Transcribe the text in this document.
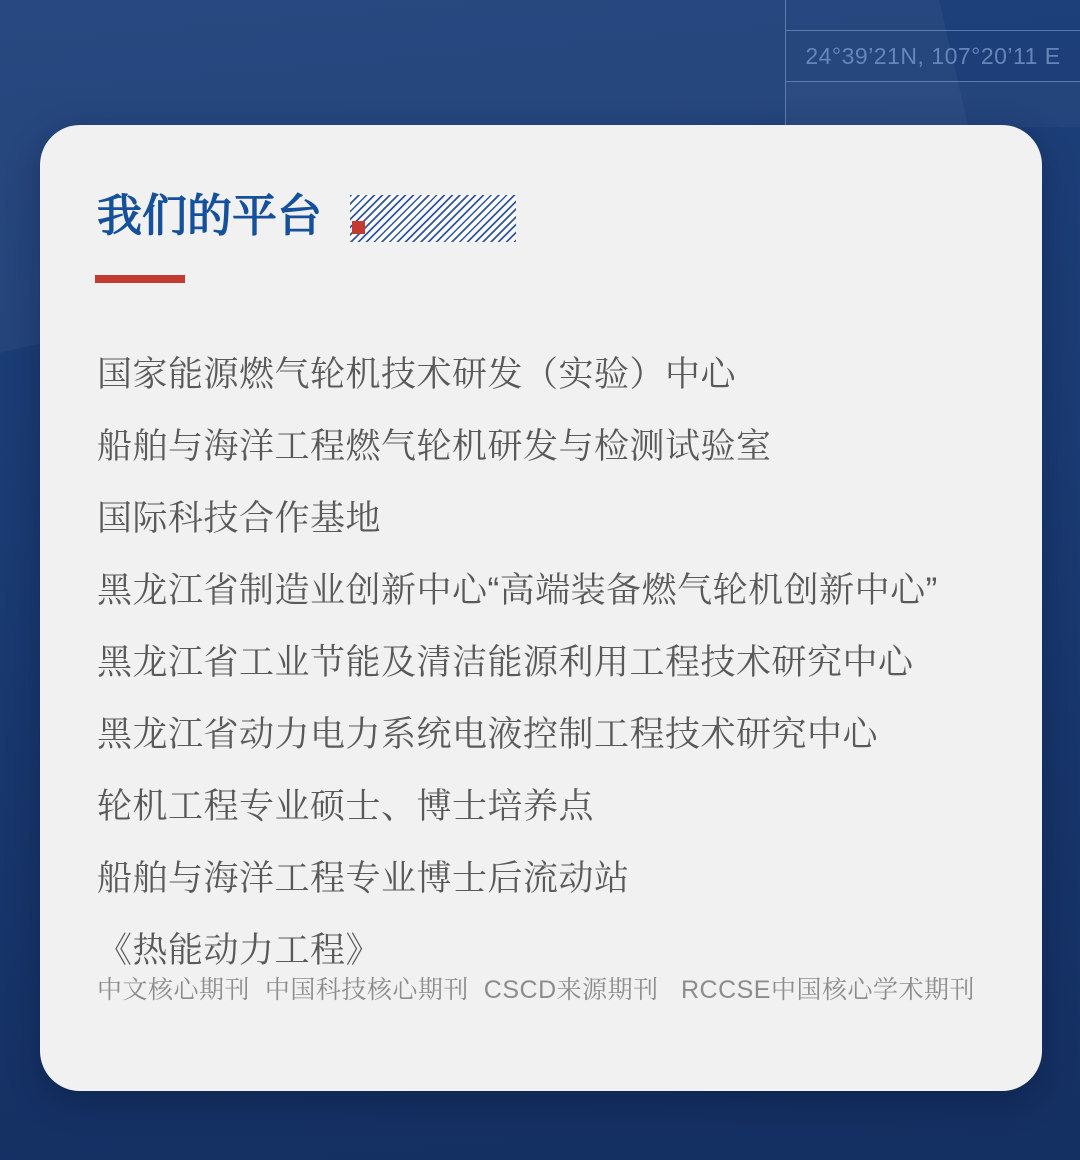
24°39’21N, 107°20’11 E
我们的平台
国家能源燃气轮机技术研发（实验）中心
船舶与海洋工程燃气轮机研发与检测试验室
国际科技合作基地
黑龙江省制造业创新中心“高端装备燃气轮机创新中心”
黑龙江省工业节能及清洁能源利用工程技术研究中心
黑龙江省动力电力系统电液控制工程技术研究中心
轮机工程专业硕士、博士培养点
船舶与海洋工程专业博士后流动站
《热能动力工程》
中文核心期刊  中国科技核心期刊  CSCD来源期刊   RCCSE中国核心学术期刊
